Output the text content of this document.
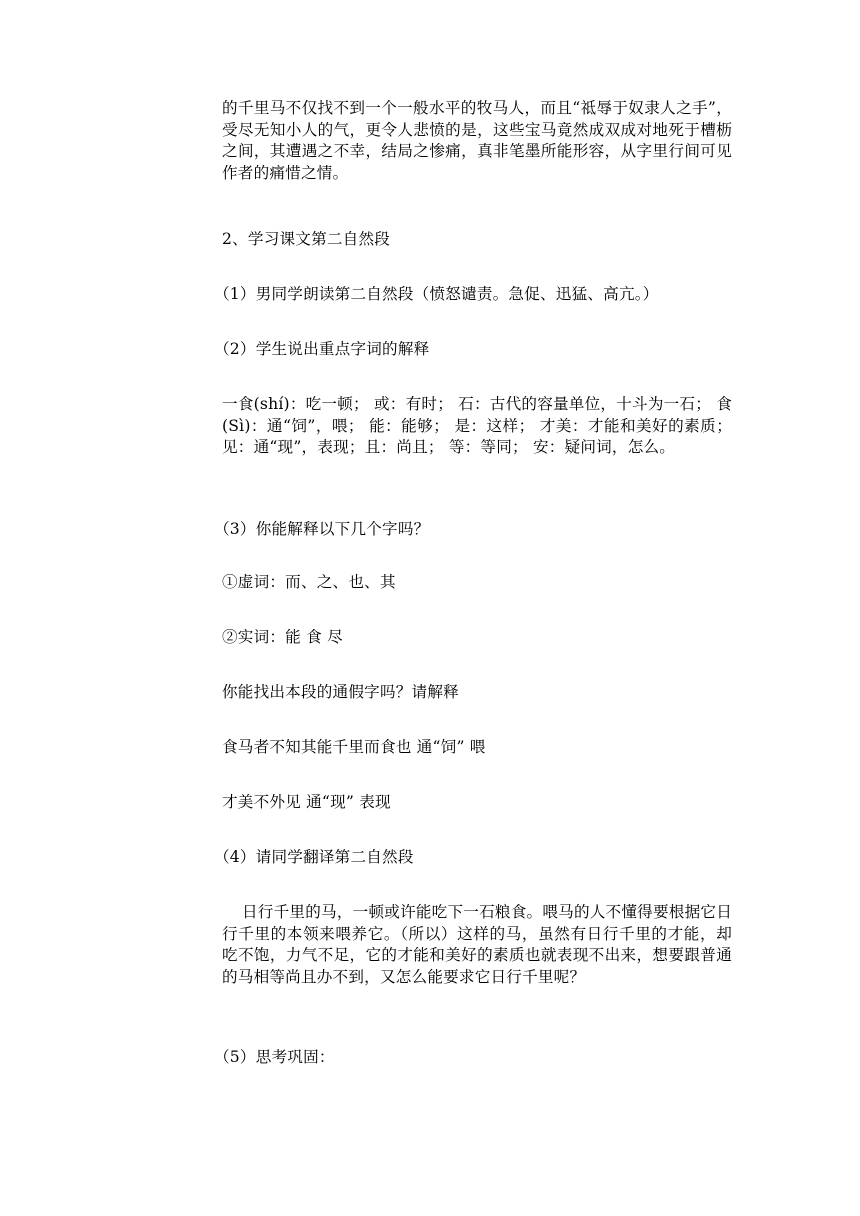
的千里马不仅找不到一个一般水平的牧马人，而且“祗辱于奴隶人之手”，受尽无知小人的气，更令人悲愤的是，这些宝马竟然成双成对地死于槽枥之间，其遭遇之不幸，结局之惨痛，真非笔墨所能形容，从字里行间可见作者的痛惜之情。

2、学习课文第二自然段

（1）男同学朗读第二自然段（愤怒谴责。急促、迅猛、高亢。）

（2）学生说出重点字词的解释

一食(shí)：吃一顿； 或：有时； 石：古代的容量单位，十斗为一石； 食(Sì)：通“饲”，喂； 能：能够； 是：这样； 才美：才能和美好的素质； 见：通“现”，表现；且：尚且； 等：等同； 安：疑问词，怎么。

（3）你能解释以下几个字吗？

①虚词：而、之、也、其

②实词：能 食 尽

你能找出本段的通假字吗？请解释

食马者不知其能千里而食也 通“饲” 喂

才美不外见 通“现” 表现

（4）请同学翻译第二自然段

日行千里的马，一顿或许能吃下一石粮食。喂马的人不懂得要根据它日行千里的本领来喂养它。（所以）这样的马，虽然有日行千里的才能，却吃不饱，力气不足，它的才能和美好的素质也就表现不出来，想要跟普通的马相等尚且办不到，又怎么能要求它日行千里呢？

（5）思考巩固：
